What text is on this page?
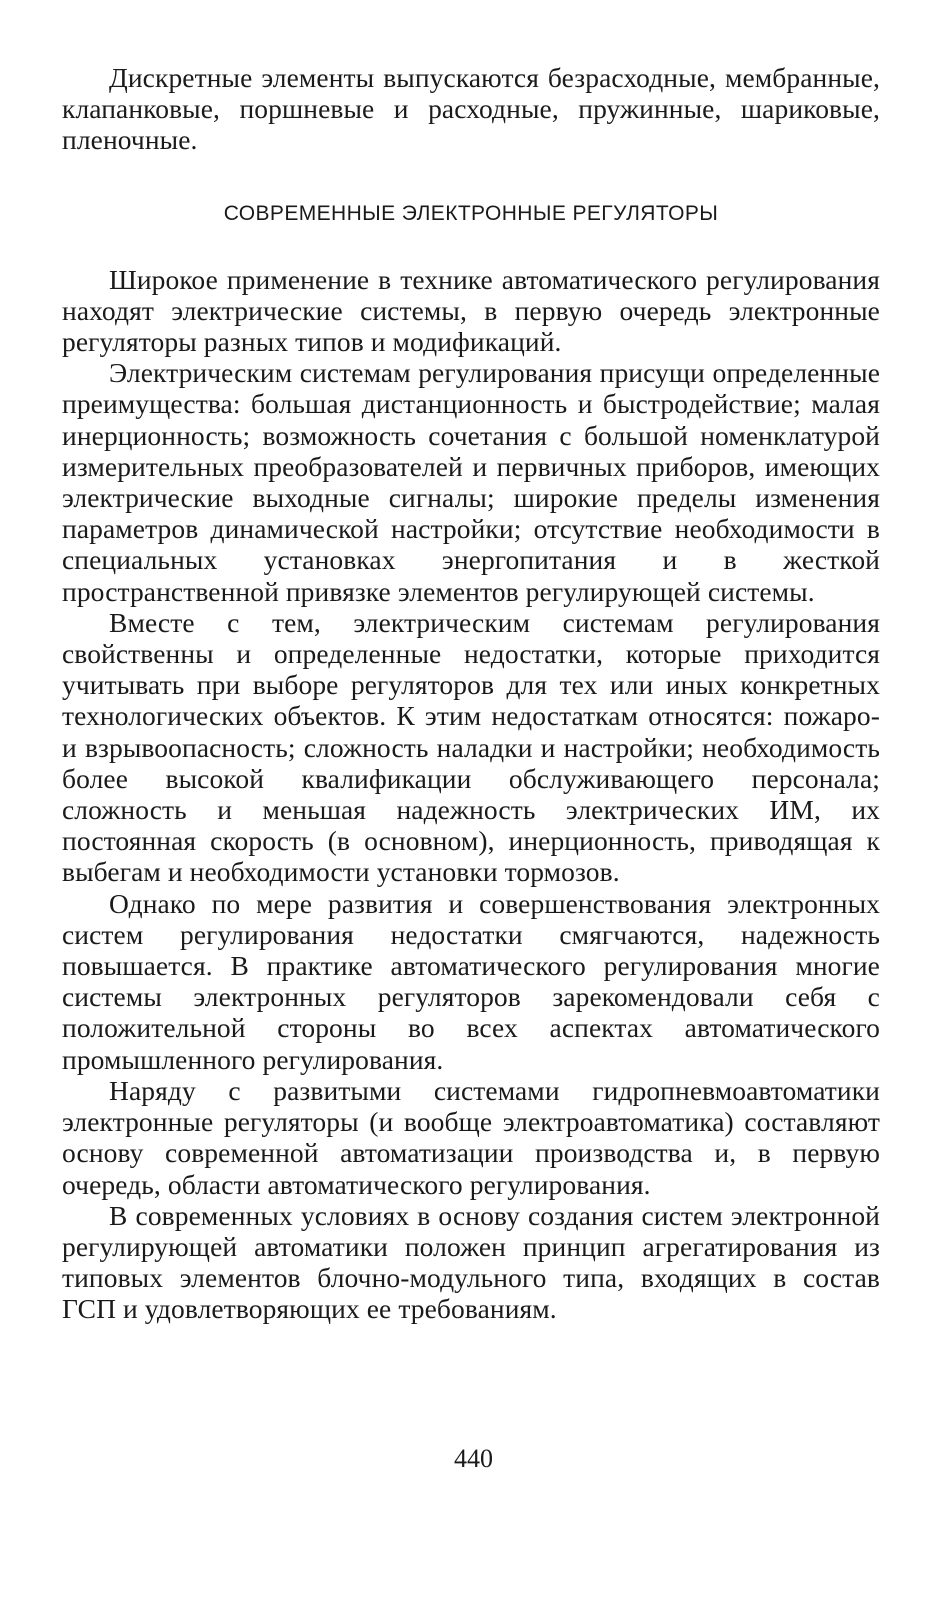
Дискретные элементы выпускаются безрасходные, мембранные, клапанковые, поршневые и расходные, пружинные, шариковые, пленочные.

СОВРЕМЕННЫЕ ЭЛЕКТРОННЫЕ РЕГУЛЯТОРЫ

Широкое применение в технике автоматического регулирования находят электрические системы, в первую очередь электронные регуляторы разных типов и модификаций.

Электрическим системам регулирования присущи определенные преимущества: большая дистанционность и быстродействие; малая инерционность; возможность сочетания с большой номенклатурой измерительных преобразователей и первичных приборов, имеющих электрические выходные сигналы; широкие пределы изменения параметров динамической настройки; отсутствие необходимости в специальных установках энергопитания и в жесткой пространственной привязке элементов регулирующей системы.

Вместе с тем, электрическим системам регулирования свойственны и определенные недостатки, которые приходится учитывать при выборе регуляторов для тех или иных конкретных технологических объектов. К этим недостаткам относятся: пожаро- и взрывоопасность; сложность наладки и настройки; необходимость более высокой квалификации обслуживающего персонала; сложность и меньшая надежность электрических ИМ, их постоянная скорость (в основном), инерционность, приводящая к выбегам и необходимости установки тормозов.

Однако по мере развития и совершенствования электронных систем регулирования недостатки смягчаются, надежность повышается. В практике автоматического регулирования многие системы электронных регуляторов зарекомендовали себя с положительной стороны во всех аспектах автоматического промышленного регулирования.

Наряду с развитыми системами гидропневмоавтоматики электронные регуляторы (и вообще электроавтоматика) составляют основу современной автоматизации производства и, в первую очередь, области автоматического регулирования.

В современных условиях в основу создания систем электронной регулирующей автоматики положен принцип агрегатирования из типовых элементов блочно-модульного типа, входящих в состав ГСП и удовлетворяющих ее требованиям.

440
